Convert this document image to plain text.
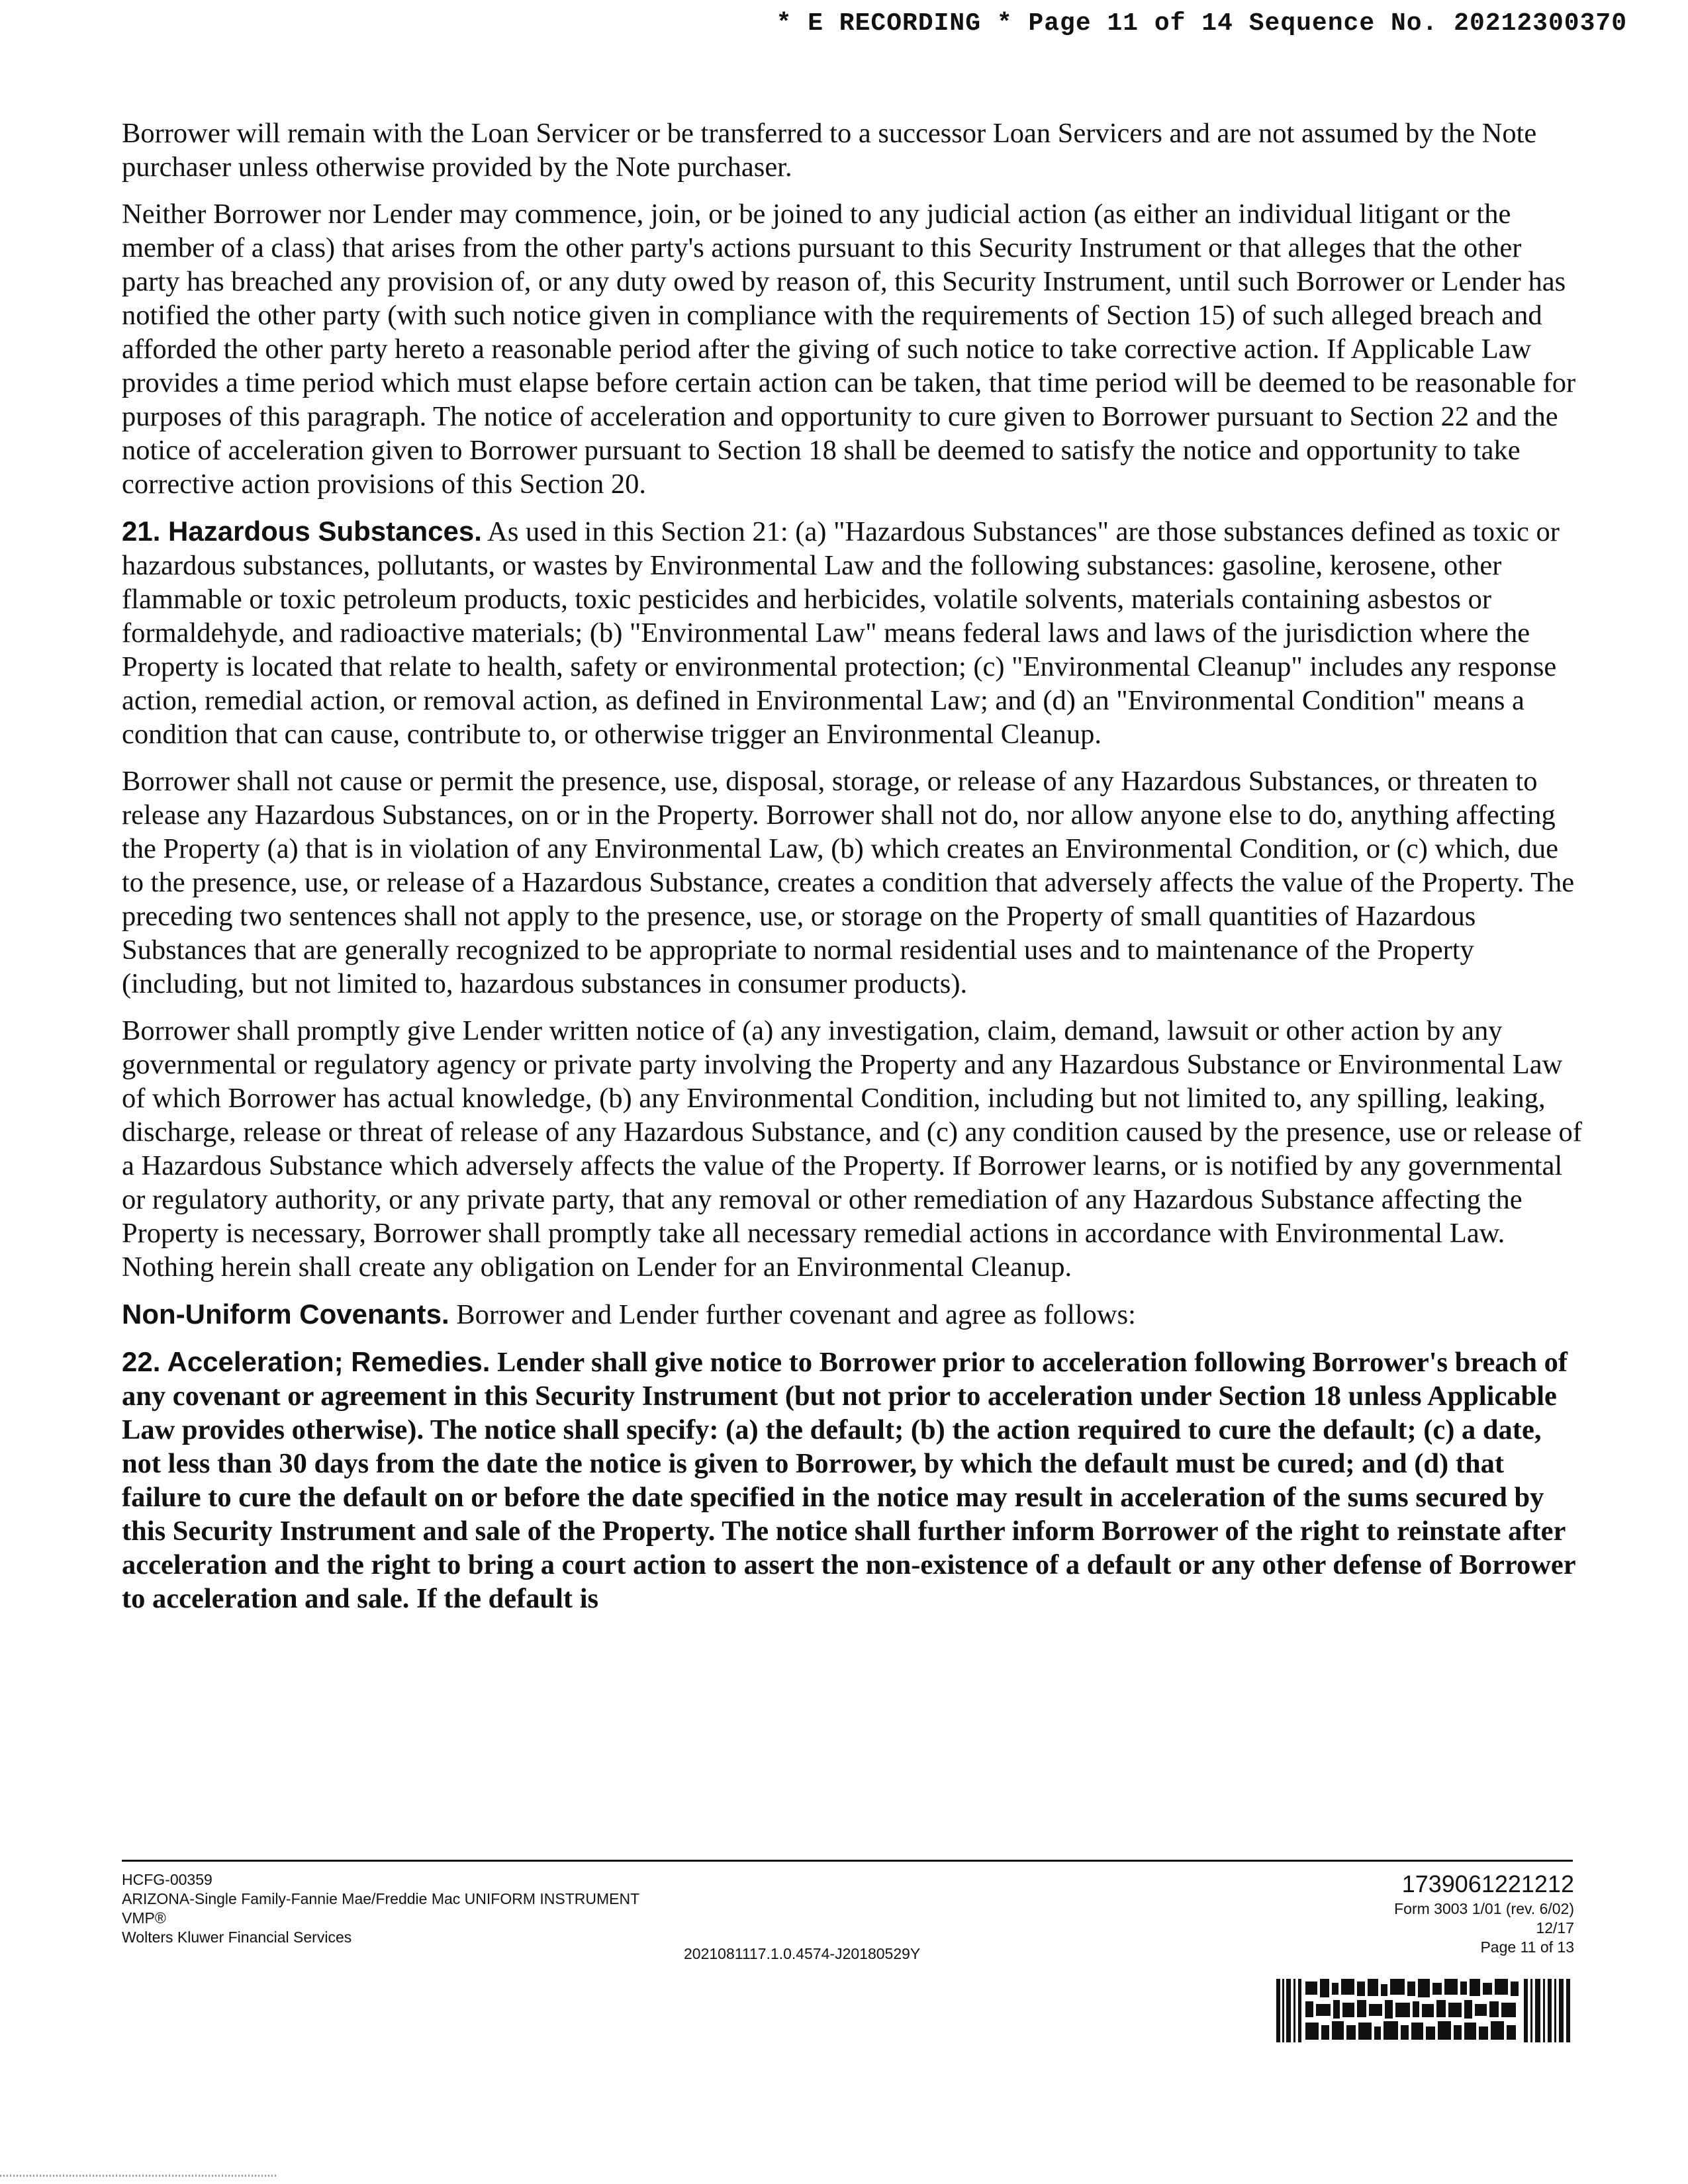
* E RECORDING * Page 11 of 14 Sequence No. 20212300370

Borrower will remain with the Loan Servicer or be transferred to a successor Loan Servicers and are not assumed by the Note purchaser unless otherwise provided by the Note purchaser.

Neither Borrower nor Lender may commence, join, or be joined to any judicial action (as either an individual litigant or the member of a class) that arises from the other party's actions pursuant to this Security Instrument or that alleges that the other party has breached any provision of, or any duty owed by reason of, this Security Instrument, until such Borrower or Lender has notified the other party (with such notice given in compliance with the requirements of Section 15) of such alleged breach and afforded the other party hereto a reasonable period after the giving of such notice to take corrective action. If Applicable Law provides a time period which must elapse before certain action can be taken, that time period will be deemed to be reasonable for purposes of this paragraph. The notice of acceleration and opportunity to cure given to Borrower pursuant to Section 22 and the notice of acceleration given to Borrower pursuant to Section 18 shall be deemed to satisfy the notice and opportunity to take corrective action provisions of this Section 20.

21. Hazardous Substances. As used in this Section 21: (a) "Hazardous Substances" are those substances defined as toxic or hazardous substances, pollutants, or wastes by Environmental Law and the following substances: gasoline, kerosene, other flammable or toxic petroleum products, toxic pesticides and herbicides, volatile solvents, materials containing asbestos or formaldehyde, and radioactive materials; (b) "Environmental Law" means federal laws and laws of the jurisdiction where the Property is located that relate to health, safety or environmental protection; (c) "Environmental Cleanup" includes any response action, remedial action, or removal action, as defined in Environmental Law; and (d) an "Environmental Condition" means a condition that can cause, contribute to, or otherwise trigger an Environmental Cleanup.

Borrower shall not cause or permit the presence, use, disposal, storage, or release of any Hazardous Substances, or threaten to release any Hazardous Substances, on or in the Property. Borrower shall not do, nor allow anyone else to do, anything affecting the Property (a) that is in violation of any Environmental Law, (b) which creates an Environmental Condition, or (c) which, due to the presence, use, or release of a Hazardous Substance, creates a condition that adversely affects the value of the Property. The preceding two sentences shall not apply to the presence, use, or storage on the Property of small quantities of Hazardous Substances that are generally recognized to be appropriate to normal residential uses and to maintenance of the Property (including, but not limited to, hazardous substances in consumer products).

Borrower shall promptly give Lender written notice of (a) any investigation, claim, demand, lawsuit or other action by any governmental or regulatory agency or private party involving the Property and any Hazardous Substance or Environmental Law of which Borrower has actual knowledge, (b) any Environmental Condition, including but not limited to, any spilling, leaking, discharge, release or threat of release of any Hazardous Substance, and (c) any condition caused by the presence, use or release of a Hazardous Substance which adversely affects the value of the Property. If Borrower learns, or is notified by any governmental or regulatory authority, or any private party, that any removal or other remediation of any Hazardous Substance affecting the Property is necessary, Borrower shall promptly take all necessary remedial actions in accordance with Environmental Law. Nothing herein shall create any obligation on Lender for an Environmental Cleanup.

Non-Uniform Covenants. Borrower and Lender further covenant and agree as follows:

22. Acceleration; Remedies. Lender shall give notice to Borrower prior to acceleration following Borrower's breach of any covenant or agreement in this Security Instrument (but not prior to acceleration under Section 18 unless Applicable Law provides otherwise). The notice shall specify: (a) the default; (b) the action required to cure the default; (c) a date, not less than 30 days from the date the notice is given to Borrower, by which the default must be cured; and (d) that failure to cure the default on or before the date specified in the notice may result in acceleration of the sums secured by this Security Instrument and sale of the Property. The notice shall further inform Borrower of the right to reinstate after acceleration and the right to bring a court action to assert the non-existence of a default or any other defense of Borrower to acceleration and sale. If the default is

HCFG-00359
ARIZONA-Single Family-Fannie Mae/Freddie Mac UNIFORM INSTRUMENT
VMP®
Wolters Kluwer Financial Services
2021081117.1.0.4574-J20180529Y
1739061221212
Form 3003 1/01 (rev. 6/02)
12/17
Page 11 of 13
